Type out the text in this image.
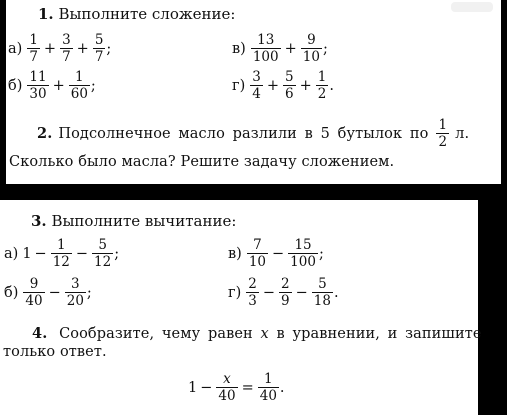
1. Выполните сложение:
$а) \frac{1}{7} + \frac{3}{7} + \frac{5}{7}$ ;	$в) \frac{13}{100} + \frac{9}{10}$ ;
$б) \frac{11}{30} + \frac{1}{60}$ ;	$г) \frac{3}{4} + \frac{5}{6} + \frac{1}{2}$ .
2. Подсолнечное масло разлили в 5 бутылок по $\frac{1}{2} л$.
Сколько было масла? Решите задачу сложением.
3. Выполните вычитание:
а) $1 - \frac{1}{12} - \frac{5}{12}$ ;	$в) \frac{7}{10} - \frac{15}{100}$ ;
$б) \frac{9}{40} - \frac{3}{20}$ ;	$г) \frac{2}{3} - \frac{2}{9} - \frac{5}{18}$ .
4. Сообразите, чему равен x в уравнении, и запишите
только ответ.
$1 - \frac{x}{40} = \frac{1}{40}$ .
